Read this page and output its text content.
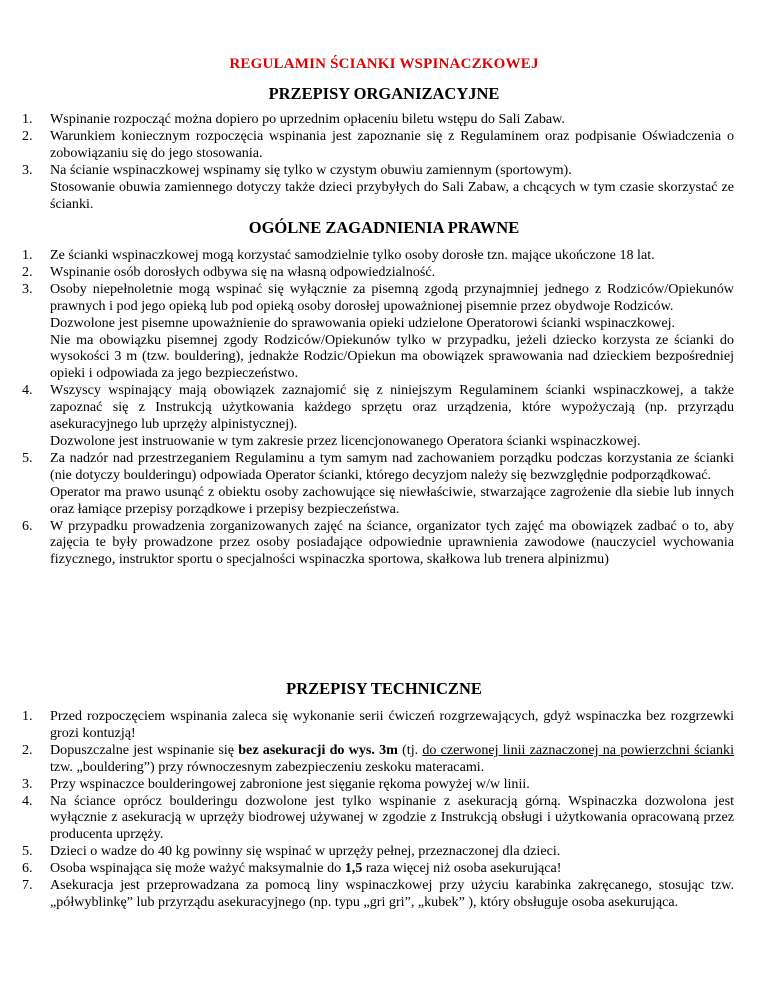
REGULAMIN ŚCIANKI WSPINACZKOWEJ
PRZEPISY ORGANIZACYJNE
1. Wspinanie rozpocząć można dopiero po uprzednim opłaceniu biletu wstępu do Sali Zabaw.
2. Warunkiem koniecznym rozpoczęcia wspinania jest zapoznanie się z Regulaminem oraz podpisanie Oświadczenia o zobowiązaniu się do jego stosowania.
3. Na ścianie wspinaczkowej wspinamy się tylko w czystym obuwiu zamiennym (sportowym).
Stosowanie obuwia zamiennego dotyczy także dzieci przybyłych do Sali Zabaw, a chcących w tym czasie skorzystać ze ścianki.
OGÓLNE ZAGADNIENIA PRAWNE
1. Ze ścianki wspinaczkowej mogą korzystać samodzielnie tylko osoby dorosłe tzn. mające ukończone 18 lat.
2. Wspinanie osób dorosłych odbywa się na własną odpowiedzialność.
3. Osoby niepełnoletnie mogą wspinać się wyłącznie za pisemną zgodą przynajmniej jednego z Rodziców/Opiekunów prawnych i pod jego opieką lub pod opieką osoby dorosłej upoważnionej pisemnie przez obydwoje Rodziców.
Dozwolone jest pisemne upoważnienie do sprawowania opieki udzielone Operatorowi ścianki wspinaczkowej.
Nie ma obowiązku pisemnej zgody Rodziców/Opiekunów tylko w przypadku, jeżeli dziecko korzysta ze ścianki do wysokości 3 m (tzw. bouldering), jednakże Rodzic/Opiekun ma obowiązek sprawowania nad dzieckiem bezpośredniej opieki i odpowiada za jego bezpieczeństwo.
4. Wszyscy wspinający mają obowiązek zaznajomić się z niniejszym Regulaminem ścianki wspinaczkowej, a także zapoznać się z Instrukcją użytkowania każdego sprzętu oraz urządzenia, które wypożyczają (np. przyrządu asekuracyjnego lub uprzęży alpinistycznej).
Dozwolone jest instruowanie w tym zakresie przez licencjonowanego Operatora ścianki wspinaczkowej.
5. Za nadzór nad przestrzeganiem Regulaminu a tym samym nad zachowaniem porządku podczas korzystania ze ścianki (nie dotyczy boulderingu) odpowiada Operator ścianki, którego decyzjom należy się bezwzględnie podporządkować.
Operator ma prawo usunąć z obiektu osoby zachowujące się niewłaściwie, stwarzające zagrożenie dla siebie lub innych oraz łamiące przepisy porządkowe i przepisy bezpieczeństwa.
6. W przypadku prowadzenia zorganizowanych zajęć na ściance, organizator tych zajęć ma obowiązek zadbać o to, aby zajęcia te były prowadzone przez osoby posiadające odpowiednie uprawnienia zawodowe (nauczyciel wychowania fizycznego, instruktor sportu o specjalności wspinaczka sportowa, skałkowa lub trenera alpinizmu)
PRZEPISY TECHNICZNE
1. Przed rozpoczęciem wspinania zaleca się wykonanie serii ćwiczeń rozgrzewających, gdyż wspinaczka bez rozgrzewki grozi kontuzją!
2. Dopuszczalne jest wspinanie się bez asekuracji do wys. 3m (tj. do czerwonej linii zaznaczonej na powierzchni ścianki tzw. „bouldering”) przy równoczesnym zabezpieczeniu zeskoku materacami.
3. Przy wspinaczce boulderingowej zabronione jest sięganie rękoma powyżej w/w linii.
4. Na ściance oprócz boulderingu dozwolone jest tylko wspinanie z asekuracją górną. Wspinaczka dozwolona jest wyłącznie z asekuracją w uprzęży biodrowej używanej w zgodzie z Instrukcją obsługi i użytkowania opracowaną przez producenta uprzęży.
5. Dzieci o wadze do 40 kg powinny się wspinać w uprzęży pełnej, przeznaczonej dla dzieci.
6. Osoba wspinająca się może ważyć maksymalnie do 1,5 raza więcej niż osoba asekurująca!
7. Asekuracja jest przeprowadzana za pomocą liny wspinaczkowej przy użyciu karabinka zakręcanego, stosując tzw. „półwyblinkę” lub przyrządu asekuracyjnego (np. typu „gri gri”, „kubek” ), który obsługuje osoba asekurująca.
